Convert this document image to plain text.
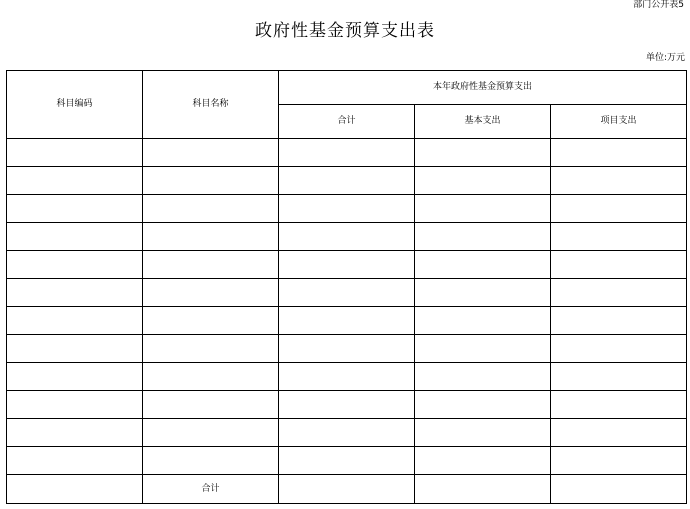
部门公开表5
政府性基金预算支出表
单位:万元
科目编码	科目名称	本年政府性基金预算支出		
		合计	基本支出	项目支出

	合计			
